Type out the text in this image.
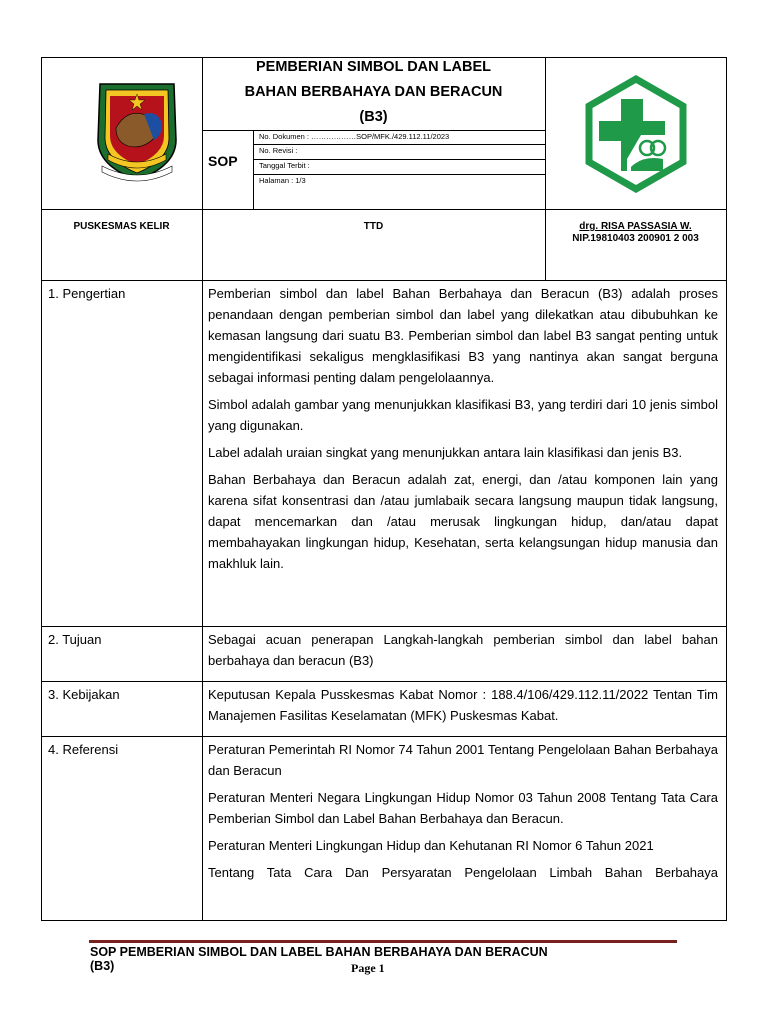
PEMBERIAN SIMBOL DAN LABEL
BAHAN BERBAHAYA DAN BERACUN
(B3)
SOP
No. Dokumen : ………………SOP/MFK./429.112.11/2023
No. Revisi :
Tanggal Terbit :
Halaman : 1/3
PUSKESMAS KELIR	TTD	drg. RISA PASSASIA W.
NIP.19810403 200901 2 003
1. Pengertian	Pemberian simbol dan label Bahan Berbahaya dan Beracun (B3) adalah proses penandaan dengan pemberian simbol dan label yang dilekatkan atau dibubuhkan ke kemasan langsung dari suatu B3. Pemberian simbol dan label B3 sangat penting untuk mengidentifikasi sekaligus mengklasifikasi B3 yang nantinya akan sangat berguna sebagai informasi penting dalam pengelolaannya.

Simbol adalah gambar yang menunjukkan klasifikasi B3, yang terdiri dari 10 jenis simbol yang digunakan.

Label adalah uraian singkat yang menunjukkan antara lain klasifikasi dan jenis B3.

Bahan Berbahaya dan Beracun adalah zat, energi, dan /atau komponen lain yang karena sifat konsentrasi dan /atau jumlabaik secara langsung maupun tidak langsung, dapat mencemarkan dan /atau merusak lingkungan hidup, dan/atau dapat membahayakan lingkungan hidup, Kesehatan, serta kelangsungan hidup manusia dan makhluk lain.

2. Tujuan	Sebagai acuan penerapan Langkah-langkah pemberian simbol dan label bahan berbahaya dan beracun (B3)

3. Kebijakan	Keputusan Kepala Pusskesmas Kabat Nomor : 188.4/106/429.112.11/2022 Tentan Tim Manajemen Fasilitas Keselamatan (MFK) Puskesmas Kabat.

4. Referensi	Peraturan Pemerintah RI Nomor 74 Tahun 2001 Tentang Pengelolaan Bahan Berbahaya dan Beracun

Peraturan Menteri Negara Lingkungan Hidup Nomor 03 Tahun 2008 Tentang Tata Cara Pemberian Simbol dan Label Bahan Berbahaya dan Beracun.

Peraturan Menteri Lingkungan Hidup dan Kehutanan RI Nomor 6 Tahun 2021

Tentang Tata Cara Dan Persyaratan Pengelolaan Limbah Bahan Berbahaya

SOP PEMBERIAN SIMBOL DAN LABEL BAHAN BERBAHAYA DAN BERACUN
(B3)	Page 1
